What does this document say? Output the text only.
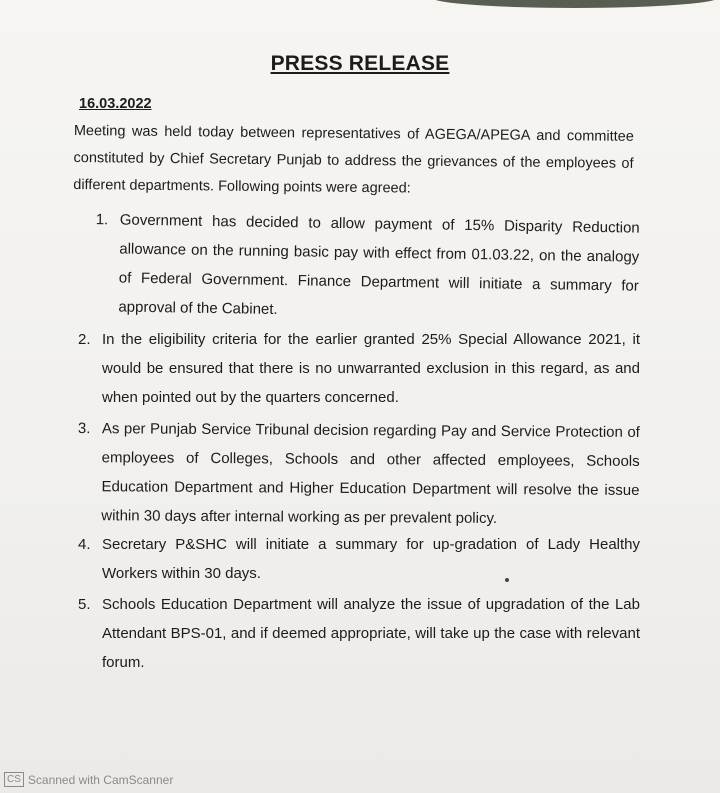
PRESS RELEASE
16.03.2022
Meeting was held today between representatives of AGEGA/APEGA and committee constituted by Chief Secretary Punjab to address the grievances of the employees of different departments. Following points were agreed:
1. Government has decided to allow payment of 15% Disparity Reduction allowance on the running basic pay with effect from 01.03.22, on the analogy of Federal Government. Finance Department will initiate a summary for approval of the Cabinet.
2. In the eligibility criteria for the earlier granted 25% Special Allowance 2021, it would be ensured that there is no unwarranted exclusion in this regard, as and when pointed out by the quarters concerned.
3. As per Punjab Service Tribunal decision regarding Pay and Service Protection of employees of Colleges, Schools and other affected employees, Schools Education Department and Higher Education Department will resolve the issue within 30 days after internal working as per prevalent policy.
4. Secretary P&SHC will initiate a summary for up-gradation of Lady Healthy Workers within 30 days.
5. Schools Education Department will analyze the issue of upgradation of the Lab Attendant BPS-01, and if deemed appropriate, will take up the case with relevant forum.
CS Scanned with CamScanner
